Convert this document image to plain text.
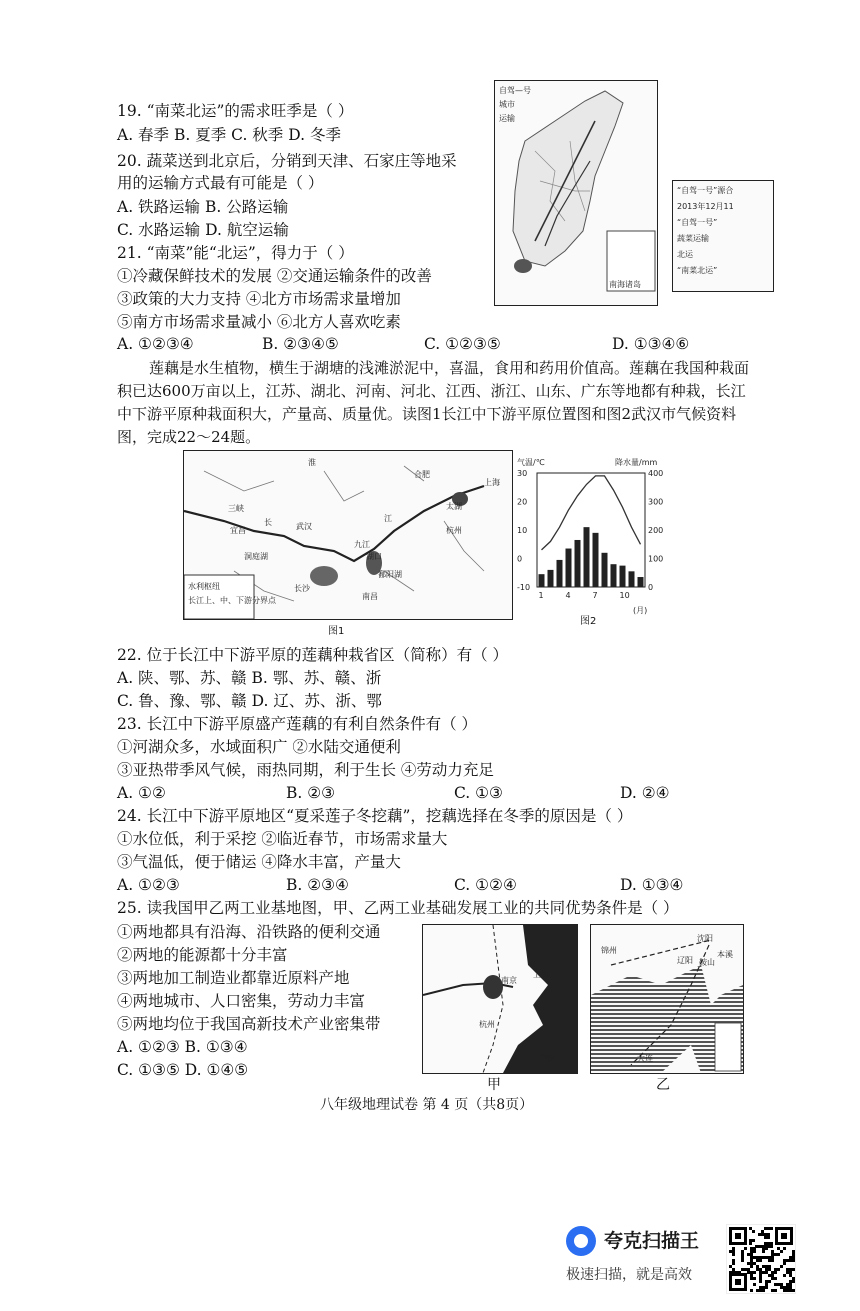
19. “南菜北运”的需求旺季是（ ）
A. 春季 B. 夏季 C. 秋季 D. 冬季
20. 蔬菜送到北京后，分销到天津、石家庄等地采
用的运输方式最有可能是（ ）
A. 铁路运输 B. 公路运输
C. 水路运输 D. 航空运输
21. “南菜”能“北运”，得力于（ ）
①冷藏保鲜技术的发展 ②交通运输条件的改善
③政策的大力支持 ④北方市场需求量增加
⑤南方市场需求量减小 ⑥北方人喜欢吃素
A. ①②③④	B. ②③④⑤	C. ①②③⑤	D. ①③④⑥
自驾—号
城市
运输
南海诸岛
“自驾一号”源合
2013年12月11
“自驾一号”
蔬菜运输
北运
“南菜北运”
莲藕是水生植物，横生于湖塘的浅滩淤泥中，喜温，食用和药用价值高。莲藕在我国种栽面积已达600万亩以上，江苏、湖北、河南、河北、江西、浙江、山东、广东等地都有种栽，长江中下游平原种栽面积大，产量高、质量优。读图1长江中下游平原位置图和图2武汉市气候资料图，完成22～24题。
合肥
上海
三峡
宜昌	武汉
长	江
杭州
九江
湖口
鄱阳湖
长沙
南昌
洞庭湖
太湖
淮
水利枢纽
长江上、中、下游分界点
图1
气温/℃	降水量/mm
(月)
30
20
10
0
-10
400
300
200
100
0
1	4	7	10
图2
22. 位于长江中下游平原的莲藕种栽省区（简称）有（ ）
A. 陕、鄂、苏、赣 B. 鄂、苏、赣、浙
C. 鲁、豫、鄂、赣 D. 辽、苏、浙、鄂
23. 长江中下游平原盛产莲藕的有利自然条件有（ ）
①河湖众多，水域面积广 ②水陆交通便利
③亚热带季风气候，雨热同期，利于生长 ④劳动力充足
A. ①②	B. ②③	C. ①③	D. ②④
24. 长江中下游平原地区“夏采莲子冬挖藕”，挖藕选择在冬季的原因是（ ）
①水位低，利于采挖 ②临近春节，市场需求量大
③气温低，便于储运 ④降水丰富，产量大
A. ①②③	B. ②③④	C. ①②④	D. ①③④
25. 读我国甲乙两工业基地图，甲、乙两工业基础发展工业的共同优势条件是（ ）
①两地都具有沿海、沿铁路的便利交通
②两地的能源都十分丰富
③两地加工制造业都靠近原料产地
④两地城市、人口密集，劳动力丰富
⑤两地均位于我国高新技术产业密集带
A. ①②③ B. ①③④
C. ①③⑤ D. ①④⑤
南京
上海
杭州
宁波
甲
沈阳
锦州
辽阳
大连
鞍山
本溪
乙
八年级地理试卷 第 4 页（共8页）
夸克扫描王
极速扫描，就是高效
